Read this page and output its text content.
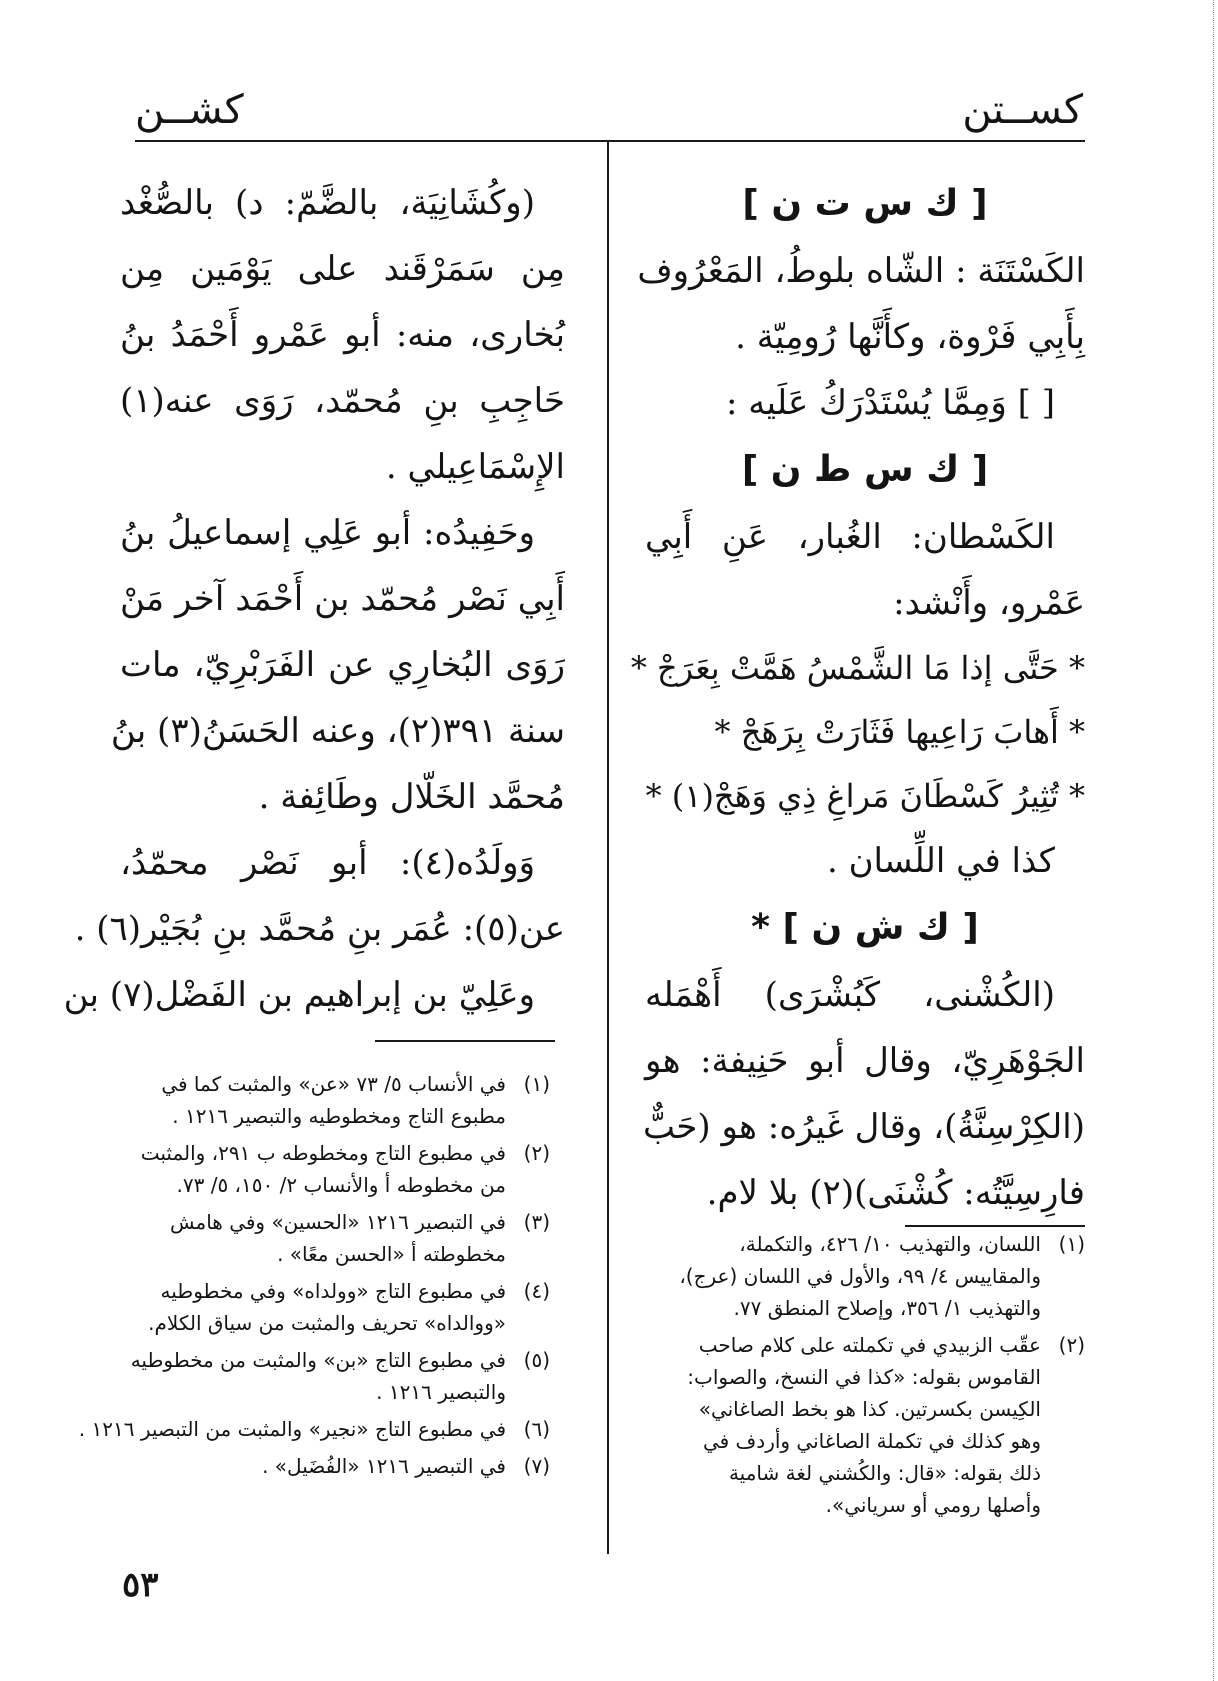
كســتن
كشــن
[ ك س ت ن ]
الكَسْتَنَة : الشّاه بلوطُ، المَعْرُوف
بِأَبِي فَرْوة، وكأَنَّها رُومِيّة .
[ ] وَمِمَّا يُسْتَدْرَكُ عَلَيه :
[ ك س ط ن ]
الكَسْطان: الغُبار، عَنِ أَبِي
عَمْرو، وأَنْشد:
* حَتَّى إذا مَا الشَّمْسُ هَمَّتْ بِعَرَجْ *
* أَهابَ رَاعِيها فَثَارَتْ بِرَهَجْ *
* تُثِيرُ كَسْطَانَ مَراغِ ذِي وَهَجْ(١) *
كذا في اللِّسان .
[ ك ش ن ] *
(الكُشْنى، كَبُشْرَى) أَهْمَله
الجَوْهَرِيّ، وقال أبو حَنِيفة: هو
(الكِرْسِنَّةُ)، وقال غَيرُه: هو (حَبٌّ
فارِسِيَّتُه: كُشْنَى)(٢) بلا لام.
(وكُشَانِيَة، بالضَّمّ: د) بالصُّغْد
مِن سَمَرْقَند على يَوْمَين مِن
بُخارى، منه: أبو عَمْرو أَحْمَدُ بنُ
حَاجِبِ بنِ مُحمّد، رَوَى عنه(١)
الإِسْمَاعِيلي .
وحَفِيدُه: أبو عَلِي إسماعيلُ بنُ
أَبِي نَصْر مُحمّد بن أَحْمَد آخر مَنْ
رَوَى البُخارِي عن الفَرَبْرِيّ، مات
سنة ٣٩١(٢)، وعنه الحَسَنُ(٣) بنُ
مُحمَّد الخَلّال وطَائِفة .
وَولَدُه(٤): أبو نَصْر محمّدُ،
عن(٥): عُمَر بنِ مُحمَّد بنِ بُجَيْر(٦) .
وعَلِيّ بن إبراهيم بن الفَضْل(٧) بن
(١)
في الأنساب ٥/ ٧٣ «عن» والمثبت كما في
مطبوع التاج ومخطوطيه والتبصير ١٢١٦ .
(٢)
في مطبوع التاج ومخطوطه ب ٢٩١، والمثبت
من مخطوطه أ والأنساب ٢/ ١٥٠، ٥/ ٧٣.
(٣)
في التبصير ١٢١٦ «الحسين» وفي هامش
مخطوطته أ «الحسن معًا» .
(٤)
في مطبوع التاج «وولداه» وفي مخطوطيه
«ووالداه» تحريف والمثبت من سياق الكلام.
(٥)
في مطبوع التاج «بن» والمثبت من مخطوطيه
والتبصير ١٢١٦ .
(٦)
في مطبوع التاج «نجير» والمثبت من التبصير ١٢١٦ .
(٧)
في التبصير ١٢١٦ «الفُضَيل» .
(١)
اللسان، والتهذيب ١٠/ ٤٢٦، والتكملة،
والمقاييس ٤/ ٩٩، والأول في اللسان (عرج)،
والتهذيب ١/ ٣٥٦، وإصلاح المنطق ٧٧.
(٢)
عقّب الزبيدي في تكملته على كلام صاحب
القاموس بقوله: «كذا في النسخ، والصواب:
الكِيسن بكسرتين. كذا هو بخط الصاغاني»
وهو كذلك في تكملة الصاغاني وأردف في
ذلك بقوله: «قال: والكُشني لغة شامية
وأصلها رومي أو سرياني».
٥٣
